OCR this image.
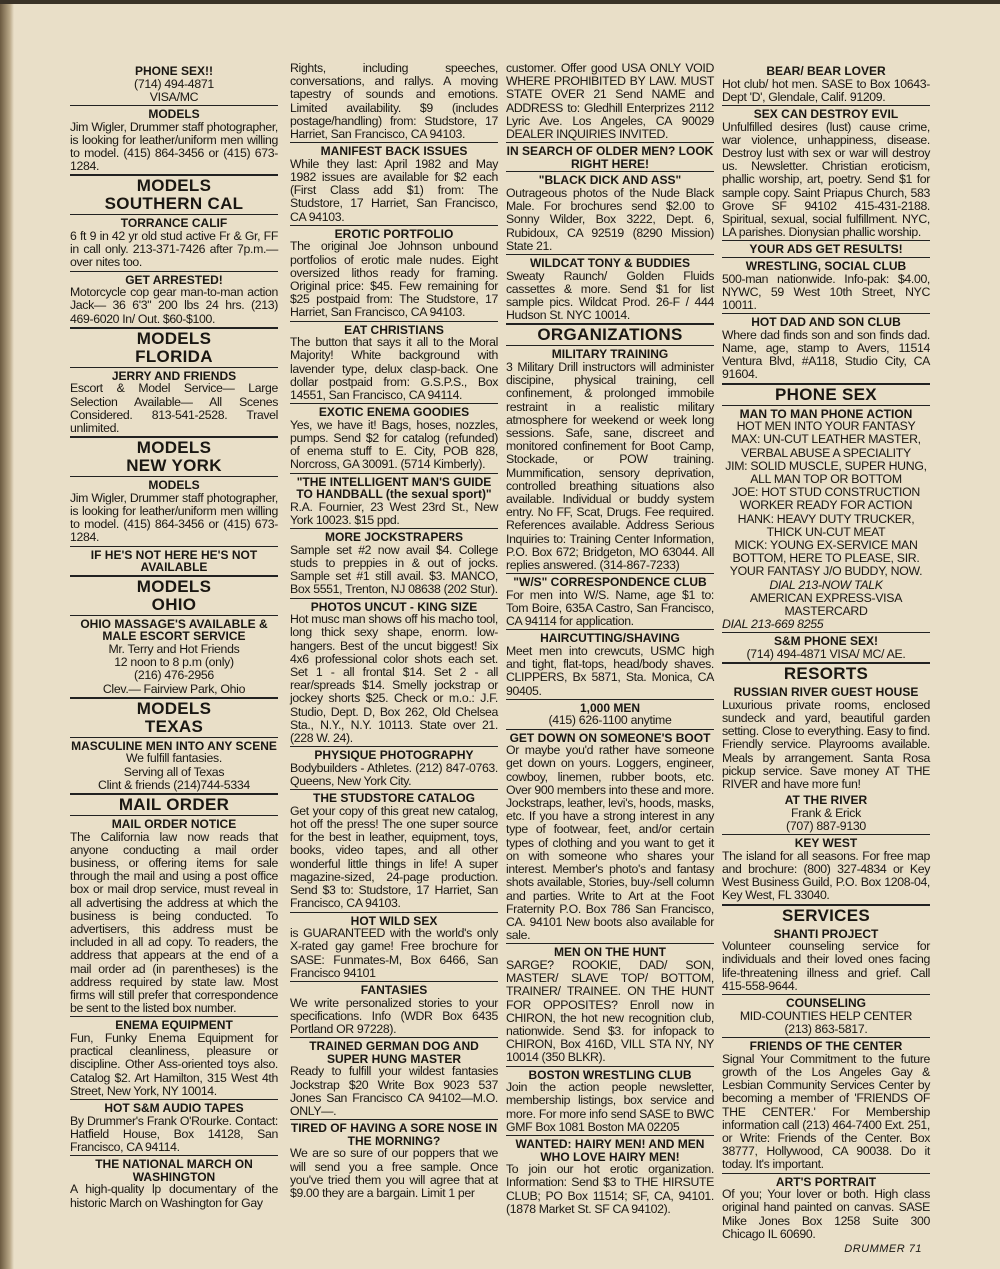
PHONE SEX!!
(714) 494-4871
VISA/MC
MODELS
Jim Wigler, Drummer staff photographer, is looking for leather/uniform men willing to model. (415) 864-3456 or (415) 673-1284.
MODELS
SOUTHERN CAL
TORRANCE CALIF
6 ft 9 in 42 yr old stud active Fr & Gr, FF in call only. 213-371-7426 after 7p.m.—over nites too.
GET ARRESTED!
Motorcycle cop gear man-to-man action Jack— 36 6'3" 200 lbs 24 hrs. (213) 469-6020 In/ Out. $60-$100.
MODELS
FLORIDA
JERRY AND FRIENDS
Escort & Model Service— Large Selection Available— All Scenes Considered. 813-541-2528. Travel unlimited.
MODELS
NEW YORK
MODELS
Jim Wigler, Drummer staff photographer, is looking for leather/uniform men willing to model. (415) 864-3456 or (415) 673-1284.
IF HE'S NOT HERE HE'S NOT AVAILABLE
MODELS
OHIO
OHIO MASSAGE'S AVAILABLE & MALE ESCORT SERVICE
Mr. Terry and Hot Friends
12 noon to 8 p.m (only)
(216) 476-2956
Clev.— Fairview Park, Ohio
MODELS
TEXAS
MASCULINE MEN INTO ANY SCENE
We fulfill fantasies.
Serving all of Texas
Clint & friends (214)744-5334
MAIL ORDER
MAIL ORDER NOTICE
The California law now reads that anyone conducting a mail order business, or offering items for sale through the mail and using a post office box or mail drop service, must reveal in all advertising the address at which the business is being conducted. To advertisers, this address must be included in all ad copy. To readers, the address that appears at the end of a mail order ad (in parentheses) is the address required by state law. Most firms will still prefer that correspondence be sent to the listed box number.
ENEMA EQUIPMENT
Fun, Funky Enema Equipment for practical cleanliness, pleasure or discipline. Other Ass-oriented toys also. Catalog $2. Art Hamilton, 315 West 4th Street, New York, NY 10014.
HOT S&M AUDIO TAPES
By Drummer's Frank O'Rourke. Contact: Hatfield House, Box 14128, San Francisco, CA 94114.
THE NATIONAL MARCH ON WASHINGTON
A high-quality lp documentary of the historic March on Washington for Gay
Rights, including speeches, conversations, and rallys. A moving tapestry of sounds and emotions. Limited availability. $9 (includes postage/handling) from: Studstore, 17 Harriet, San Francisco, CA 94103.
MANIFEST BACK ISSUES
While they last: April 1982 and May 1982 issues are available for $2 each (First Class add $1) from: The Studstore, 17 Harriet, San Francisco, CA 94103.
EROTIC PORTFOLIO
The original Joe Johnson unbound portfolios of erotic male nudes. Eight oversized lithos ready for framing. Original price: $45. Few remaining for $25 postpaid from: The Studstore, 17 Harriet, San Francisco, CA 94103.
EAT CHRISTIANS
The button that says it all to the Moral Majority! White background with lavender type, delux clasp-back. One dollar postpaid from: G.S.P.S., Box 14551, San Francisco, CA 94114.
EXOTIC ENEMA GOODIES
Yes, we have it! Bags, hoses, nozzles, pumps. Send $2 for catalog (refunded) of enema stuff to E. City, POB 828, Norcross, GA 30091. (5714 Kimberly).
"THE INTELLIGENT MAN'S GUIDE TO HANDBALL (the sexual sport)"
R.A. Fournier, 23 West 23rd St., New York 10023. $15 ppd.
MORE JOCKSTRAPERS
Sample set #2 now avail $4. College studs to preppies in & out of jocks. Sample set #1 still avail. $3. MANCO, Box 5551, Trenton, NJ 08638 (202 Stur).
PHOTOS UNCUT - KING SIZE
Hot musc man shows off his macho tool, long thick sexy shape, enorm. low-hangers. Best of the uncut biggest! Six 4x6 professional color shots each set. Set 1 - all frontal $14. Set 2 - all rear/spreads $14. Smelly jockstrap or jockey shorts $25. Check or m.o.: J.F. Studio, Dept. D, Box 262, Old Chelsea Sta., N.Y., N.Y. 10113. State over 21. (228 W. 24).
PHYSIQUE PHOTOGRAPHY
Bodybuilders - Athletes. (212) 847-0763. Queens, New York City.
THE STUDSTORE CATALOG
Get your copy of this great new catalog, hot off the press! The one super source for the best in leather, equipment, toys, books, video tapes, and all other wonderful little things in life! A super magazine-sized, 24-page production. Send $3 to: Studstore, 17 Harriet, San Francisco, CA 94103.
HOT WILD SEX
is GUARANTEED with the world's only X-rated gay game! Free brochure for SASE: Funmates-M, Box 6466, San Francisco 94101
FANTASIES
We write personalized stories to your specifications. Info (WDR Box 6435 Portland OR 97228).
TRAINED GERMAN DOG AND SUPER HUNG MASTER
Ready to fulfill your wildest fantasies Jockstrap $20 Write Box 9023 537 Jones San Francisco CA 94102—M.O. ONLY—.
TIRED OF HAVING A SORE NOSE IN THE MORNING?
We are so sure of our poppers that we will send you a free sample. Once you've tried them you will agree that at $9.00 they are a bargain. Limit 1 per
customer. Offer good USA ONLY VOID WHERE PROHIBITED BY LAW. MUST STATE OVER 21 Send NAME and ADDRESS to: Gledhill Enterprizes 2112 Lyric Ave. Los Angeles, CA 90029 DEALER INQUIRIES INVITED.
IN SEARCH OF OLDER MEN? LOOK RIGHT HERE!
"BLACK DICK AND ASS"
Outrageous photos of the Nude Black Male. For brochures send $2.00 to Sonny Wilder, Box 3222, Dept. 6, Rubidoux, CA 92519 (8290 Mission) State 21.
WILDCAT TONY & BUDDIES
Sweaty Raunch/ Golden Fluids cassettes & more. Send $1 for list sample pics. Wildcat Prod. 26-F / 444 Hudson St. NYC 10014.
ORGANIZATIONS
MILITARY TRAINING
3 Military Drill instructors will administer discipine, physical training, cell confinement, & prolonged immobile restraint in a realistic military atmosphere for weekend or week long sessions. Safe, sane, discreet and monitored confinement for Boot Camp, Stockade, or POW training. Mummification, sensory deprivation, controlled breathing situations also available. Individual or buddy system entry. No FF, Scat, Drugs. Fee required. References available. Address Serious Inquiries to: Training Center Information, P.O. Box 672; Bridgeton, MO 63044. All replies answered. (314-867-7233)
"W/S" CORRESPONDENCE CLUB
For men into W/S. Name, age $1 to: Tom Boire, 635A Castro, San Francisco, CA 94114 for application.
HAIRCUTTING/SHAVING
Meet men into crewcuts, USMC high and tight, flat-tops, head/body shaves. CLIPPERS, Bx 5871, Sta. Monica, CA 90405.
1,000 MEN
(415) 626-1100 anytime
GET DOWN ON SOMEONE'S BOOT
Or maybe you'd rather have someone get down on yours. Loggers, engineer, cowboy, linemen, rubber boots, etc. Over 900 members into these and more. Jockstraps, leather, levi's, hoods, masks, etc. If you have a strong interest in any type of footwear, feet, and/or certain types of clothing and you want to get it on with someone who shares your interest. Member's photo's and fantasy shots available, Stories, buy-/sell column and parties. Write to Art at the Foot Fraternity P.O. Box 786 San Francisco, CA. 94101 New boots also available for sale.
MEN ON THE HUNT
SARGE? ROOKIE, DAD/ SON, MASTER/ SLAVE TOP/ BOTTOM, TRAINER/ TRAINEE. ON THE HUNT FOR OPPOSITES? Enroll now in CHIRON, the hot new recognition club, nationwide. Send $3. for infopack to CHIRON, Box 416D, VILL STA NY, NY 10014 (350 BLKR).
BOSTON WRESTLING CLUB
Join the action people newsletter, membership listings, box service and more. For more info send SASE to BWC GMF Box 1081 Boston MA 02205
WANTED: HAIRY MEN! AND MEN WHO LOVE HAIRY MEN!
To join our hot erotic organization. Information: Send $3 to THE HIRSUTE CLUB; PO Box 11514; SF, CA, 94101.(1878 Market St. SF CA 94102).
BEAR/ BEAR LOVER
Hot club/ hot men. SASE to Box 10643-Dept 'D', Glendale, Calif. 91209.
SEX CAN DESTROY EVIL
Unfulfilled desires (lust) cause crime, war violence, unhappiness, disease. Destroy lust with sex or war will destroy us. Newsletter. Christian eroticism, phallic worship, art, poetry. Send $1 for sample copy. Saint Priapus Church, 583 Grove SF 94102 415-431-2188. Spiritual, sexual, social fulfillment. NYC, LA parishes. Dionysian phallic worship.
YOUR ADS GET RESULTS!
WRESTLING, SOCIAL CLUB
500-man nationwide. Info-pak: $4.00, NYWC, 59 West 10th Street, NYC 10011.
HOT DAD AND SON CLUB
Where dad finds son and son finds dad. Name, age, stamp to Avers, 11514 Ventura Blvd, #A118, Studio City, CA 91604.
PHONE SEX
MAN TO MAN PHONE ACTION
HOT MEN INTO YOUR FANTASY
MAX: UN-CUT LEATHER MASTER, VERBAL ABUSE A SPECIALITY
JIM: SOLID MUSCLE, SUPER HUNG, ALL MAN TOP OR BOTTOM
JOE: HOT STUD CONSTRUCTION WORKER READY FOR ACTION
HANK: HEAVY DUTY TRUCKER, THICK UN-CUT MEAT
MICK: YOUNG EX-SERVICE MAN BOTTOM, HERE TO PLEASE, SIR.
YOUR FANTASY J/O BUDDY, NOW.
DIAL 213-NOW TALK
AMERICAN EXPRESS-VISA
MASTERCARD
DIAL 213-669 8255
S&M PHONE SEX!
(714) 494-4871 VISA/ MC/ AE.
RESORTS
RUSSIAN RIVER GUEST HOUSE
Luxurious private rooms, enclosed sundeck and yard, beautiful garden setting. Close to everything. Easy to find. Friendly service. Playrooms available. Meals by arrangement. Santa Rosa pickup service. Save money AT THE RIVER and have more fun!
AT THE RIVER
Frank & Erick
(707) 887-9130
KEY WEST
The island for all seasons. For free map and brochure: (800) 327-4834 or Key West Business Guild, P.O. Box 1208-04, Key West, FL 33040.
SERVICES
SHANTI PROJECT
Volunteer counseling service for individuals and their loved ones facing life-threatening illness and grief. Call 415-558-9644.
COUNSELING
MID-COUNTIES HELP CENTER
(213) 863-5817.
FRIENDS OF THE CENTER
Signal Your Commitment to the future growth of the Los Angeles Gay & Lesbian Community Services Center by becoming a member of 'FRIENDS OF THE CENTER.' For Membership information call (213) 464-7400 Ext. 251, or Write: Friends of the Center. Box 38777, Hollywood, CA 90038. Do it today. It's important.
ART'S PORTRAIT
Of you; Your lover or both. High class original hand painted on canvas. SASE Mike Jones Box 1258 Suite 300 Chicago IL 60690.
DRUMMER 71
